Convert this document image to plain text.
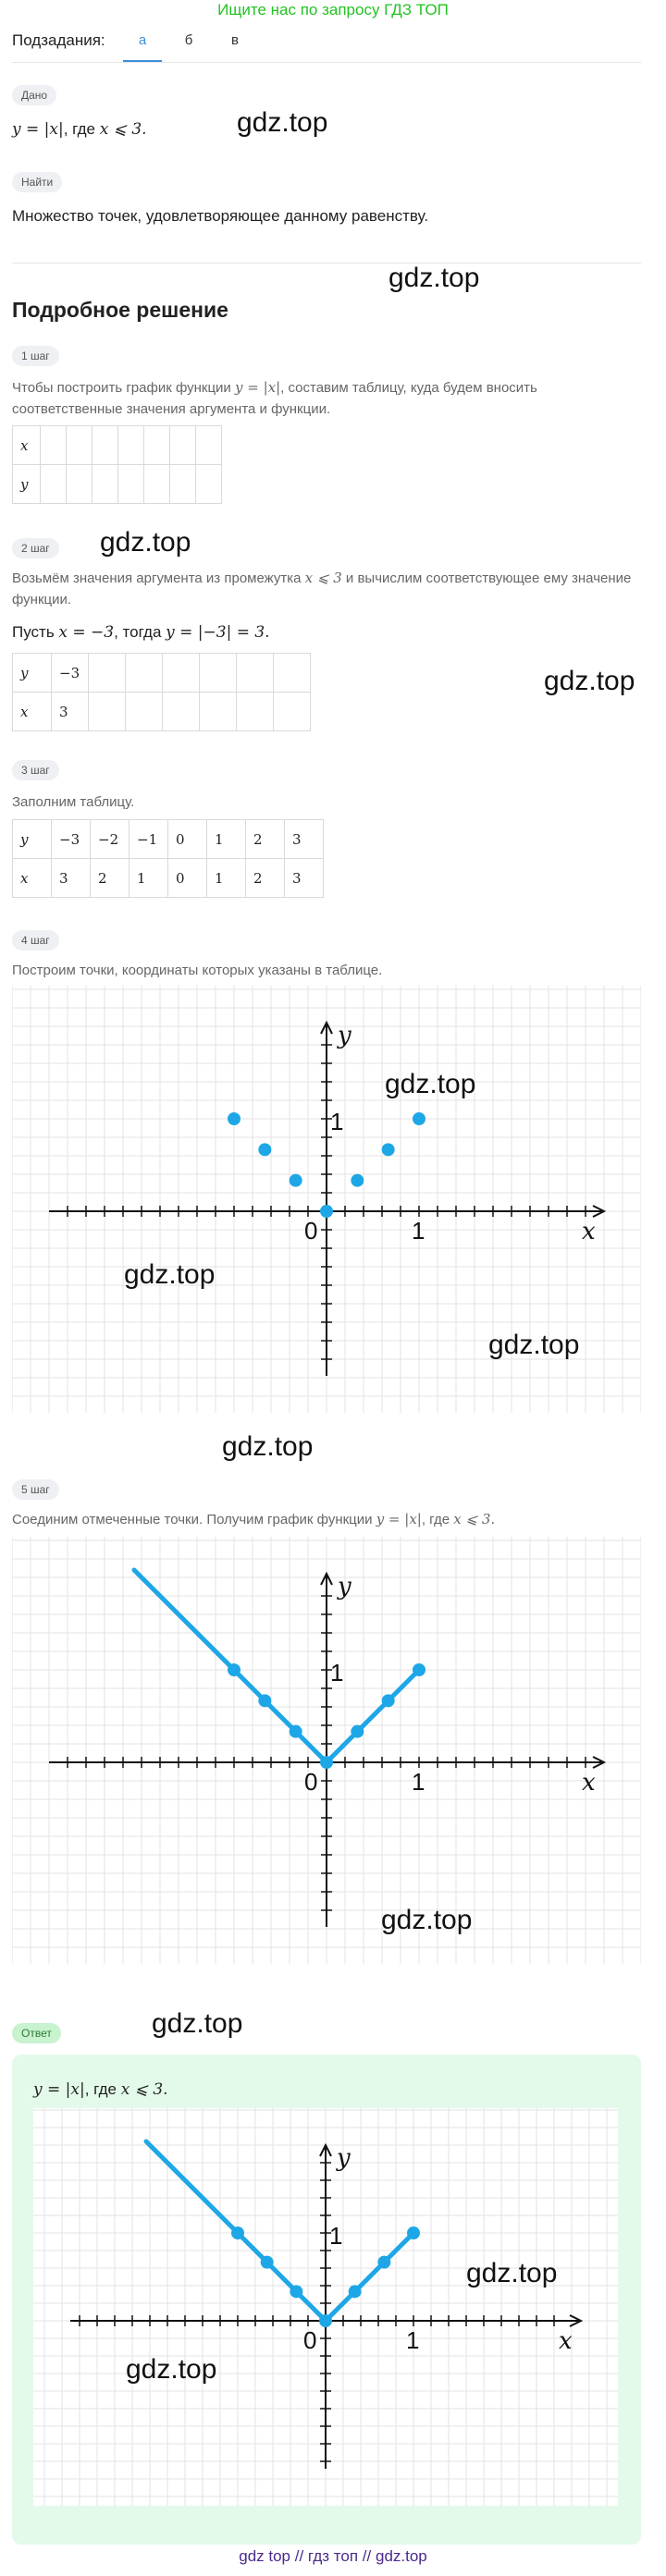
Ищите нас по запросу ГДЗ ТОП
Подзадания:	а	б	в
Дано
y = |x|, где x ⩽ 3.
Найти
Множество точек, удовлетворяющее данному равенству.
Подробное решение
1 шаг
Чтобы построить график функции y = |x|, составим таблицу, куда будем вносить соответственные значения аргумента и функции.
x							
y							
2 шаг
Возьмём значения аргумента из промежутка x ⩽ 3 и вычислим соответствующее ему значение функции.
Пусть x = −3, тогда y = |−3| = 3.
y	−3						
x	3						
3 шаг
Заполним таблицу.
y	−3	−2	−1	0	1	2	3
x	3	2	1	0	1	2	3
4 шаг
Построим точки, координаты которых указаны в таблице.
x
y
0	1
1
5 шаг
Соединим отмеченные точки. Получим график функции y = |x|, где x ⩽ 3.
x
y
0	1
1
Ответ
y = |x|, где x ⩽ 3.
x
y
0	1
1
gdz.top
gdz.top
gdz.top
gdz.top
gdz.top
gdz.top
gdz.top
gdz.top
gdz.top
gdz.top
gdz.top
gdz.top
gdz top // гдз топ // gdz.top
